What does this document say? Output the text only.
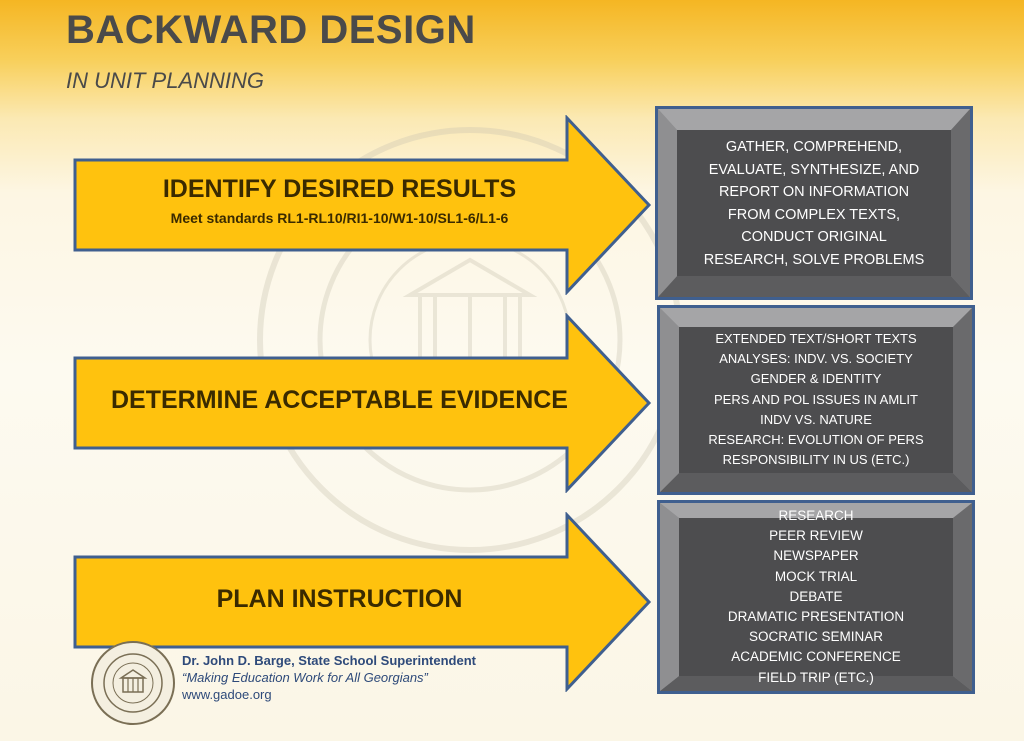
BACKWARD DESIGN
IN UNIT PLANNING
IDENTIFY DESIRED RESULTS
Meet standards RL1-RL10/RI1-10/W1-10/SL1-6/L1-6
DETERMINE ACCEPTABLE EVIDENCE
PLAN INSTRUCTION
GATHER, COMPREHEND,
EVALUATE, SYNTHESIZE, AND
REPORT ON INFORMATION
FROM COMPLEX TEXTS,
CONDUCT ORIGINAL
RESEARCH, SOLVE PROBLEMS
EXTENDED TEXT/SHORT TEXTS
ANALYSES: INDV. VS. SOCIETY
GENDER & IDENTITY
PERS AND POL ISSUES IN AMLIT
INDV VS. NATURE
RESEARCH: EVOLUTION OF PERS
RESPONSIBILITY IN US (ETC.)
RESEARCH
PEER REVIEW
NEWSPAPER
MOCK TRIAL
DEBATE
DRAMATIC PRESENTATION
SOCRATIC SEMINAR
ACADEMIC CONFERENCE
FIELD TRIP (ETC.)
Dr. John D. Barge, State School Superintendent
“Making Education Work for All Georgians”
www.gadoe.org
